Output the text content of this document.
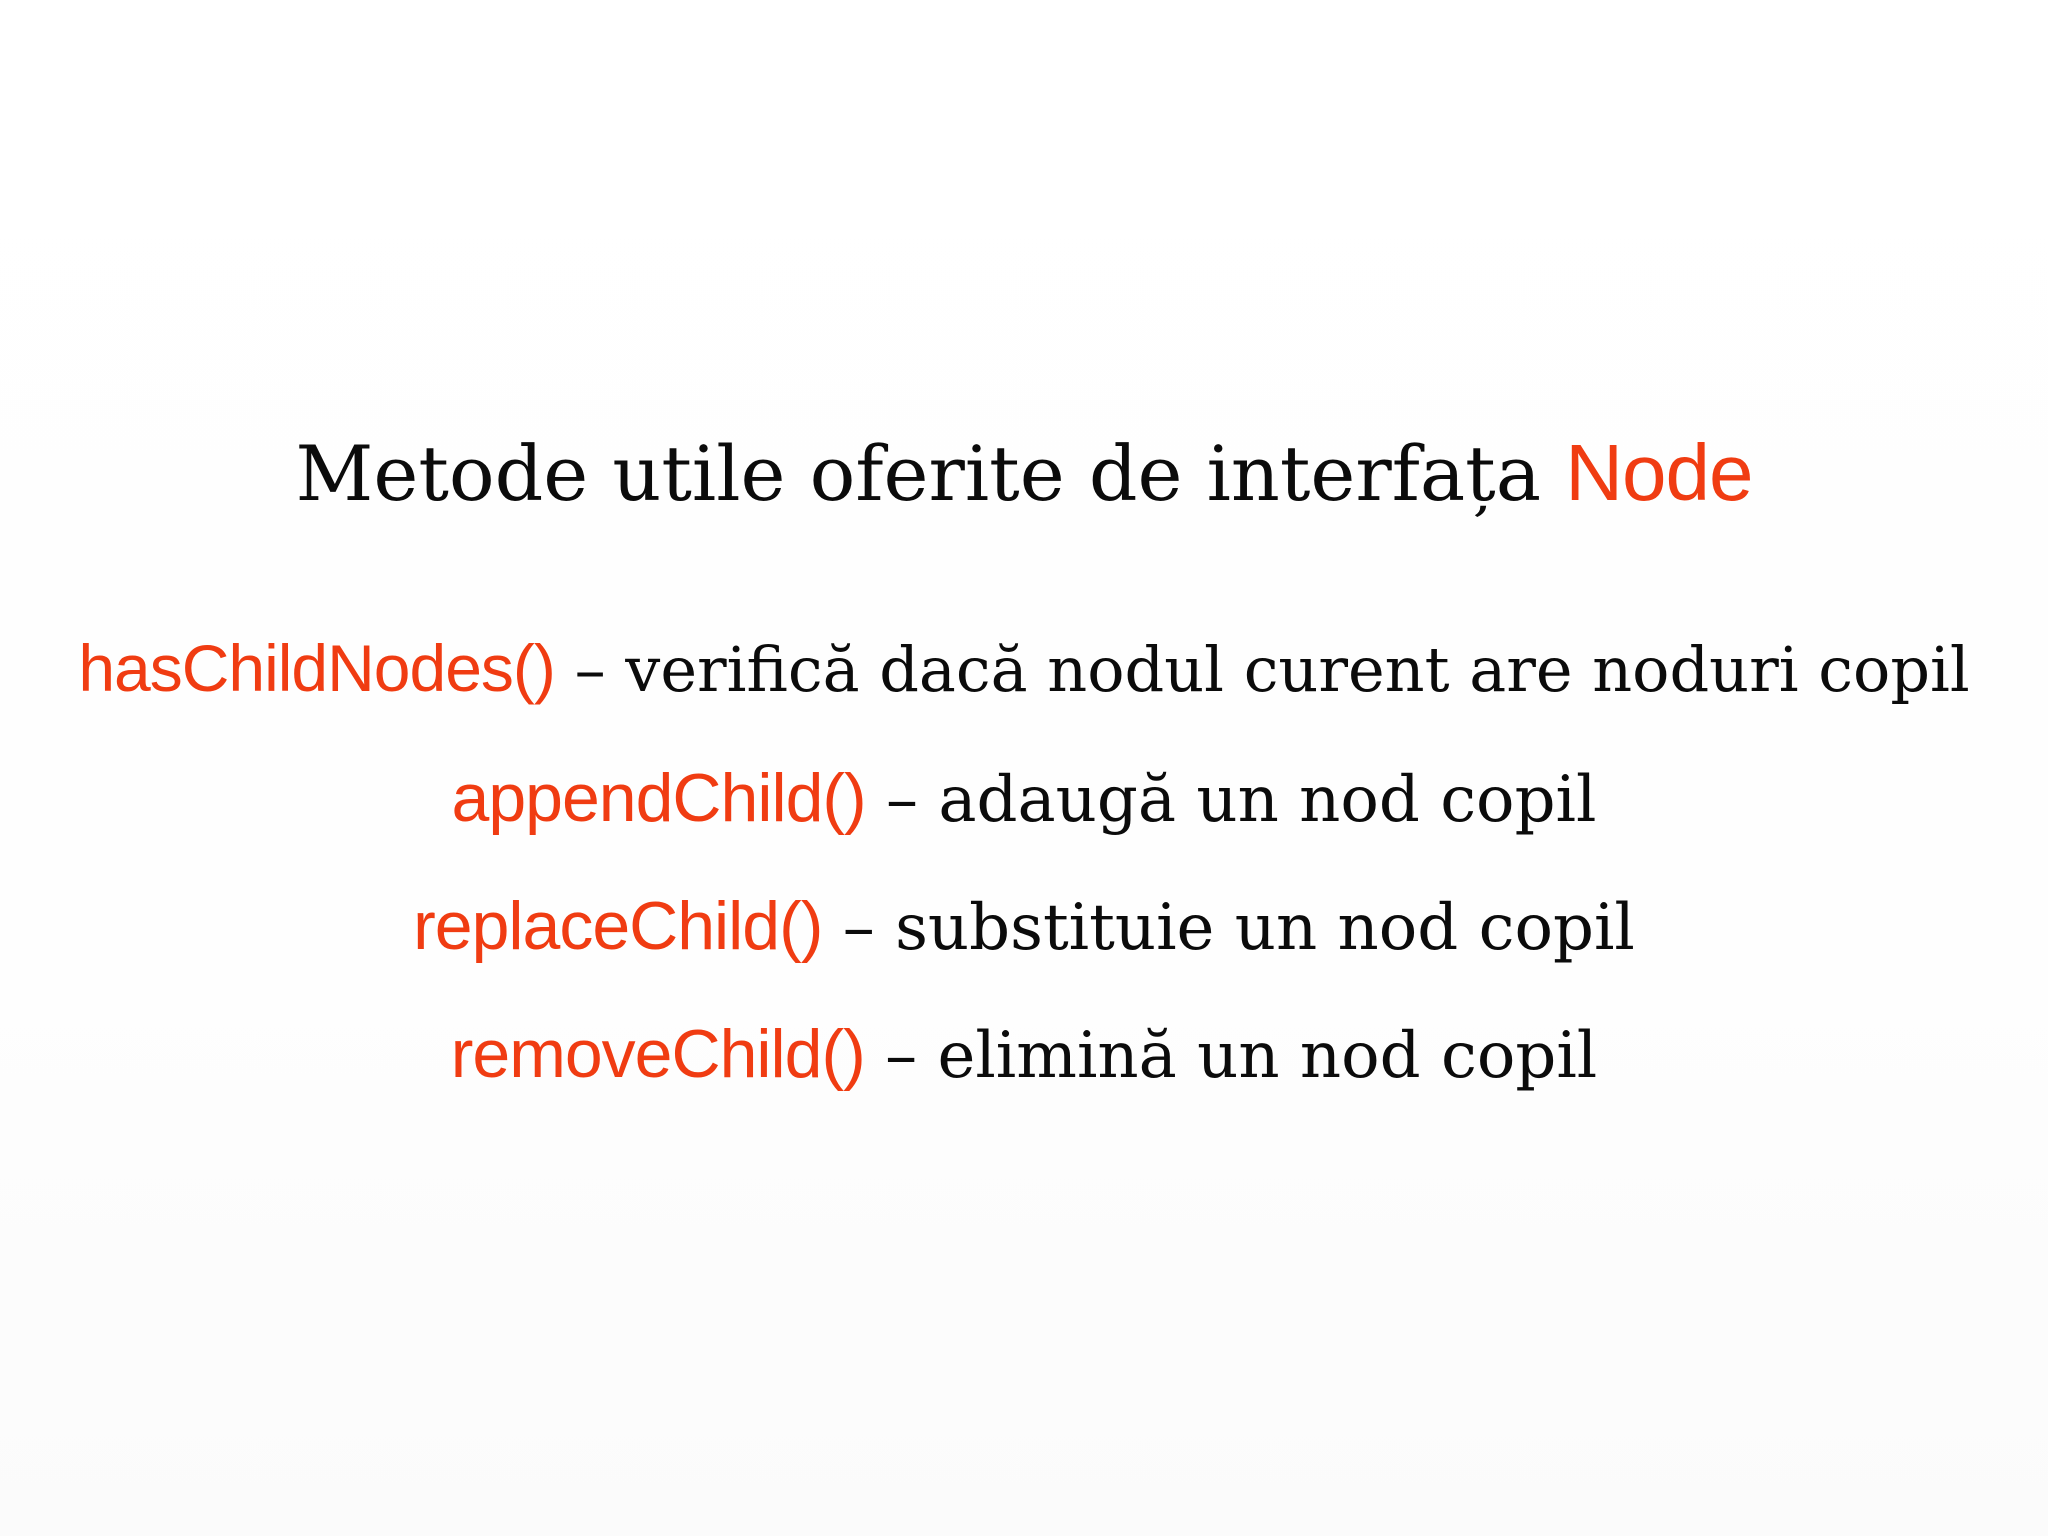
Metode utile oferite de interfața Node
hasChildNodes() – verifică dacă nodul curent are noduri copil
appendChild() – adaugă un nod copil
replaceChild() – substituie un nod copil
removeChild() – elimină un nod copil
